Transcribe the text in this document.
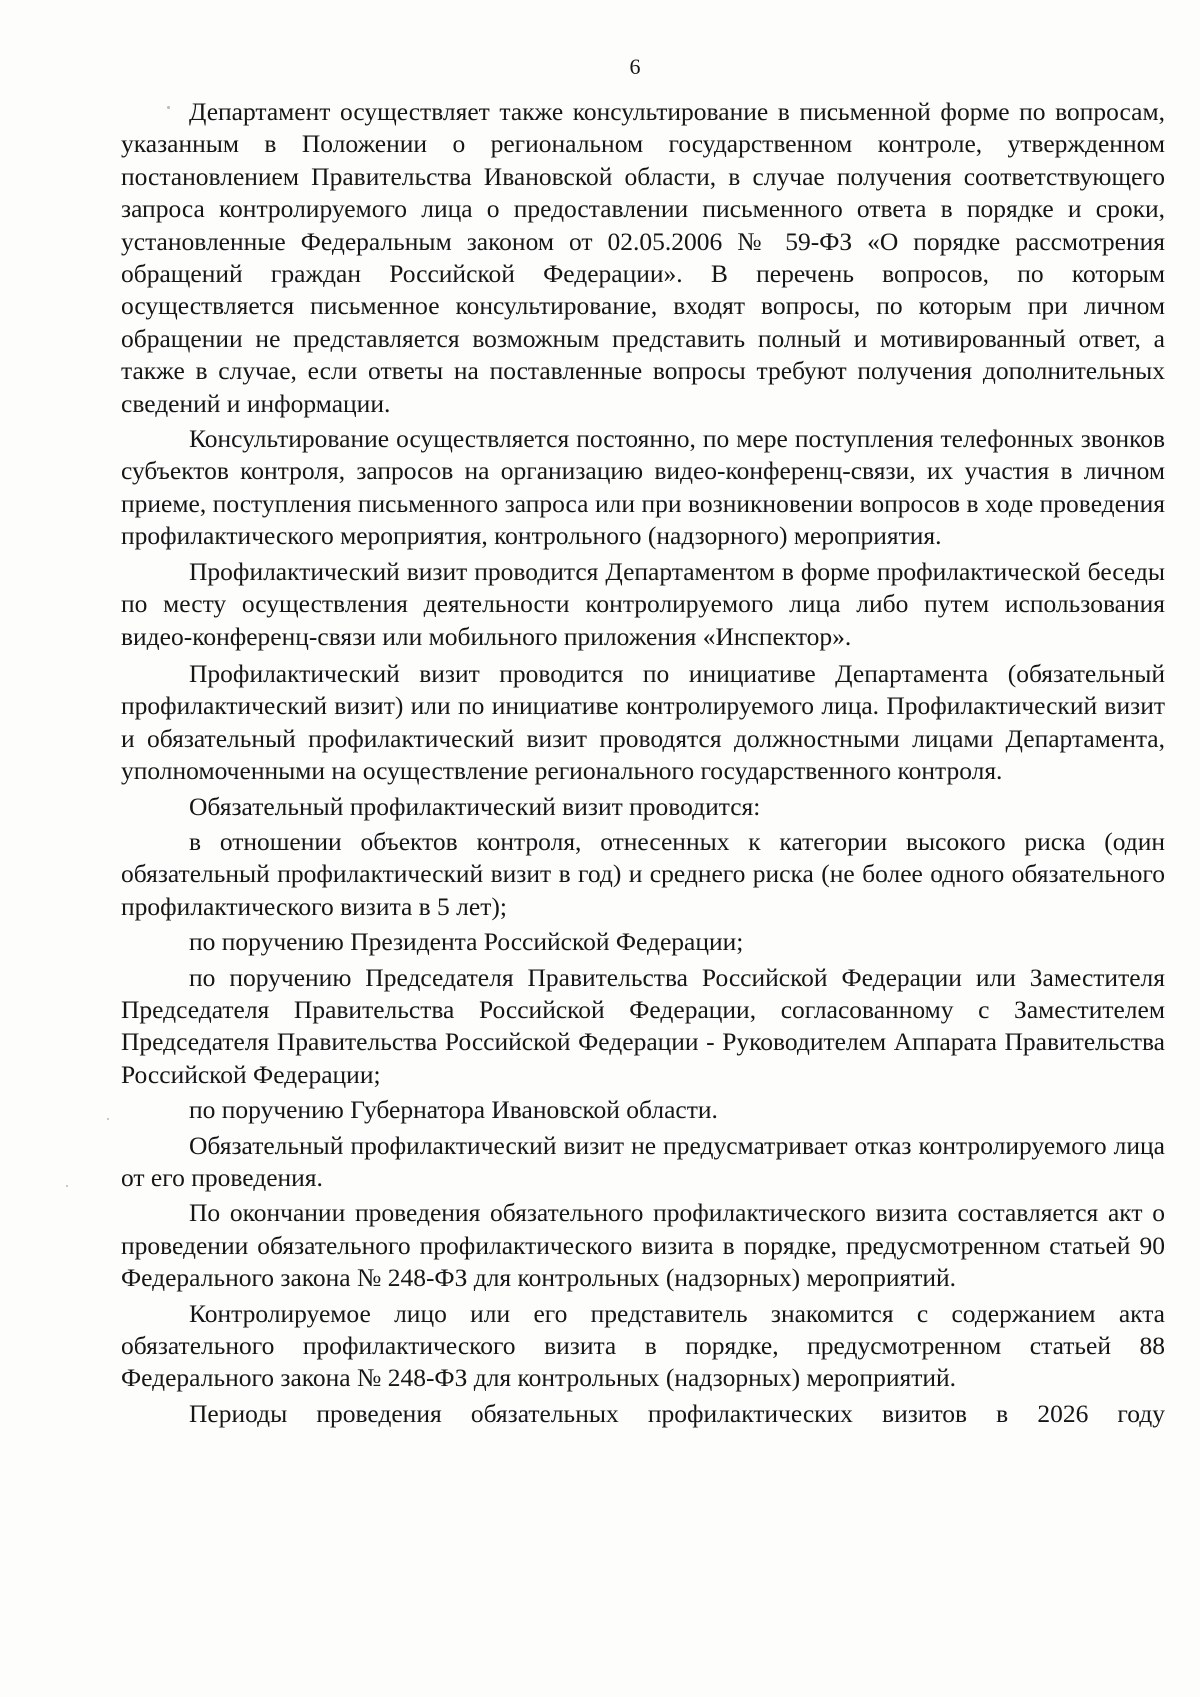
6

Департамент осуществляет также консультирование в письменной форме по вопросам, указанным в Положении о региональном государственном контроле, утвержденном постановлением Правительства Ивановской области, в случае получения соответствующего запроса контролируемого лица о предоставлении письменного ответа в порядке и сроки, установленные Федеральным законом от 02.05.2006 № 59-ФЗ «О порядке рассмотрения обращений граждан Российской Федерации». В перечень вопросов, по которым осуществляется письменное консультирование, входят вопросы, по которым при личном обращении не представляется возможным представить полный и мотивированный ответ, а также в случае, если ответы на поставленные вопросы требуют получения дополнительных сведений и информации.

Консультирование осуществляется постоянно, по мере поступления телефонных звонков субъектов контроля, запросов на организацию видео-конференц-связи, их участия в личном приеме, поступления письменного запроса или при возникновении вопросов в ходе проведения профилактического мероприятия, контрольного (надзорного) мероприятия.

Профилактический визит проводится Департаментом в форме профилактической беседы по месту осуществления деятельности контролируемого лица либо путем использования видео-конференц-связи или мобильного приложения «Инспектор».

Профилактический визит проводится по инициативе Департамента (обязательный профилактический визит) или по инициативе контролируемого лица. Профилактический визит и обязательный профилактический визит проводятся должностными лицами Департамента, уполномоченными на осуществление регионального государственного контроля.

Обязательный профилактический визит проводится:

в отношении объектов контроля, отнесенных к категории высокого риска (один обязательный профилактический визит в год) и среднего риска (не более одного обязательного профилактического визита в 5 лет);

по поручению Президента Российской Федерации;

по поручению Председателя Правительства Российской Федерации или Заместителя Председателя Правительства Российской Федерации, согласованному с Заместителем Председателя Правительства Российской Федерации - Руководителем Аппарата Правительства Российской Федерации;

по поручению Губернатора Ивановской области.

Обязательный профилактический визит не предусматривает отказ контролируемого лица от его проведения.

По окончании проведения обязательного профилактического визита составляется акт о проведении обязательного профилактического визита в порядке, предусмотренном статьей 90 Федерального закона № 248-ФЗ для контрольных (надзорных) мероприятий.

Контролируемое лицо или его представитель знакомится с содержанием акта обязательного профилактического визита в порядке, предусмотренном статьей 88 Федерального закона № 248-ФЗ для контрольных (надзорных) мероприятий.

Периоды проведения обязательных профилактических визитов в 2026 году
